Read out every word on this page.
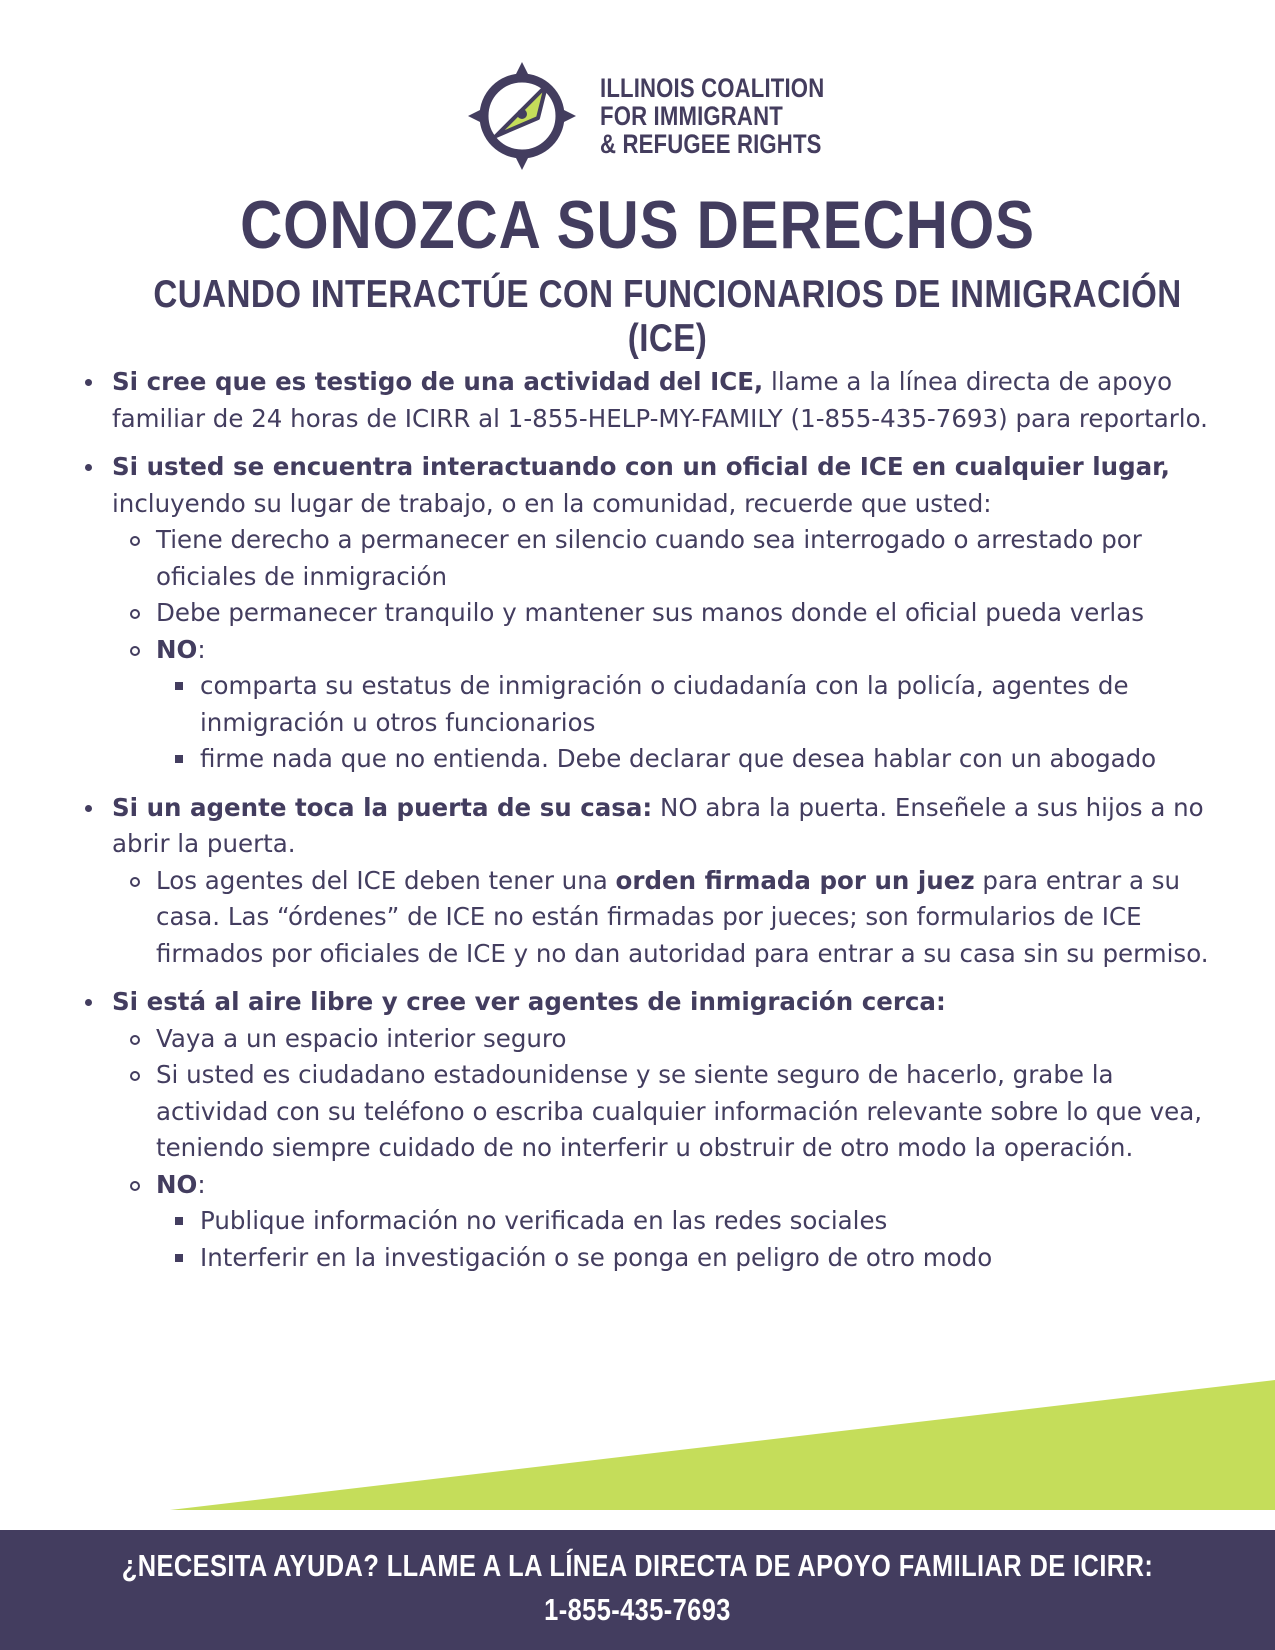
ILLINOIS COALITION
FOR IMMIGRANT
& REFUGEE RIGHTS
CONOZCA SUS DERECHOS
CUANDO INTERACTÚE CON FUNCIONARIOS DE INMIGRACIÓN (ICE)
Si cree que es testigo de una actividad del ICE, llame a la línea directa de apoyo familiar de 24 horas de ICIRR al 1-855-HELP-MY-FAMILY (1-855-435-7693) para reportarlo.
Si usted se encuentra interactuando con un oficial de ICE en cualquier lugar, incluyendo su lugar de trabajo, o en la comunidad, recuerde que usted:
Tiene derecho a permanecer en silencio cuando sea interrogado o arrestado por oficiales de inmigración
Debe permanecer tranquilo y mantener sus manos donde el oficial pueda verlas
NO:
comparta su estatus de inmigración o ciudadanía con la policía, agentes de inmigración u otros funcionarios
firme nada que no entienda. Debe declarar que desea hablar con un abogado
Si un agente toca la puerta de su casa: NO abra la puerta. Enseñele a sus hijos a no abrir la puerta.
Los agentes del ICE deben tener una orden firmada por un juez para entrar a su casa. Las “órdenes” de ICE no están firmadas por jueces; son formularios de ICE firmados por oficiales de ICE y no dan autoridad para entrar a su casa sin su permiso.
Si está al aire libre y cree ver agentes de inmigración cerca:
Vaya a un espacio interior seguro
Si usted es ciudadano estadounidense y se siente seguro de hacerlo, grabe la actividad con su teléfono o escriba cualquier información relevante sobre lo que vea, teniendo siempre cuidado de no interferir u obstruir de otro modo la operación.
NO:
Publique información no verificada en las redes sociales
Interferir en la investigación o se ponga en peligro de otro modo
¿NECESITA AYUDA? LLAME A LA LÍNEA DIRECTA DE APOYO FAMILIAR DE ICIRR:
1-855-435-7693
